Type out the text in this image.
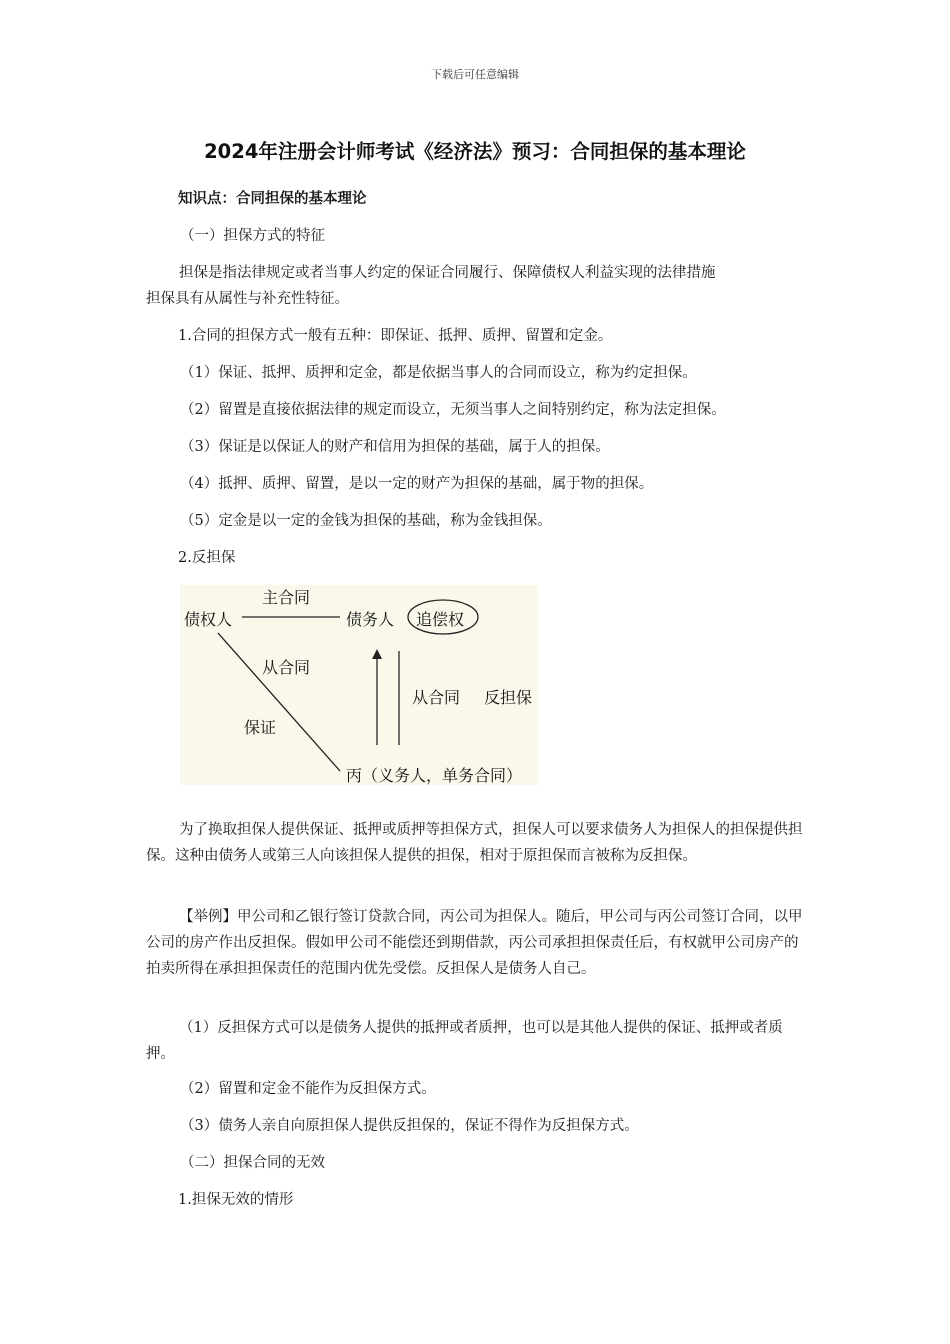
下载后可任意编辑
2024年注册会计师考试《经济法》预习：合同担保的基本理论
知识点：合同担保的基本理论
（一）担保方式的特征
担保是指法律规定或者当事人约定的保证合同履行、保障债权人利益实现的法律措施
担保具有从属性与补充性特征。
1.合同的担保方式一般有五种：即保证、抵押、质押、留置和定金。
（1）保证、抵押、质押和定金，都是依据当事人的合同而设立，称为约定担保。
（2）留置是直接依据法律的规定而设立，无须当事人之间特别约定，称为法定担保。
（3）保证是以保证人的财产和信用为担保的基础，属于人的担保。
（4）抵押、质押、留置，是以一定的财产为担保的基础，属于物的担保。
（5）定金是以一定的金钱为担保的基础，称为金钱担保。
2.反担保
债权人
主合同
债务人 追偿权
从合同
保证
从合同 反担保
丙（义务人，单务合同）
为了换取担保人提供保证、抵押或质押等担保方式，担保人可以要求债务人为担保人的担保提供担保。这种由债务人或第三人向该担保人提供的担保，相对于原担保而言被称为反担保。
【举例】甲公司和乙银行签订贷款合同，丙公司为担保人。随后，甲公司与丙公司签订合同，以甲公司的房产作出反担保。假如甲公司不能偿还到期借款，丙公司承担担保责任后，有权就甲公司房产的拍卖所得在承担担保责任的范围内优先受偿。反担保人是债务人自己。
（1）反担保方式可以是债务人提供的抵押或者质押，也可以是其他人提供的保证、抵押或者质押。
（2）留置和定金不能作为反担保方式。
（3）债务人亲自向原担保人提供反担保的，保证不得作为反担保方式。
（二）担保合同的无效
1.担保无效的情形
